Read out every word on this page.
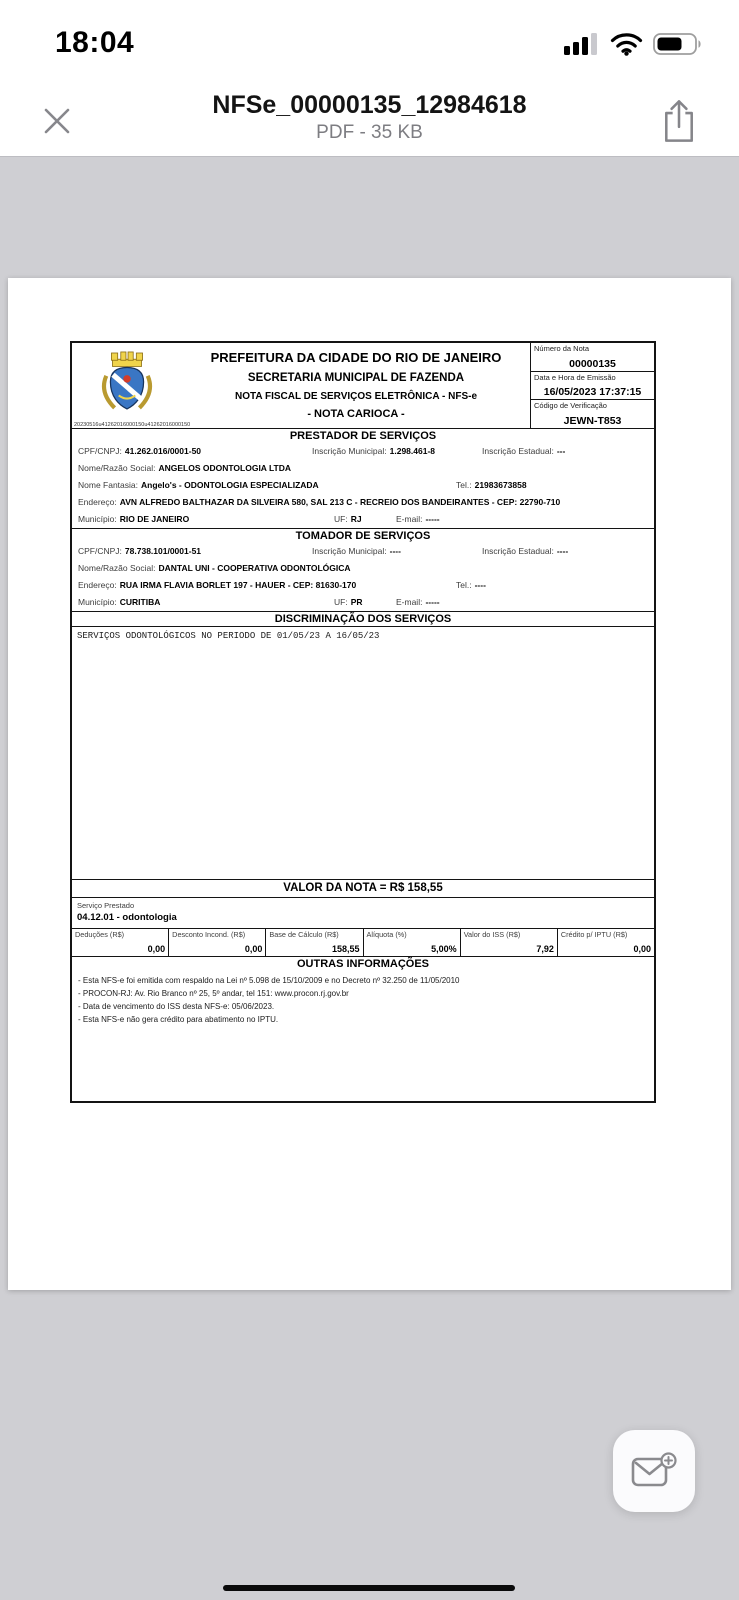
18:04
NFSe_00000135_12984618
PDF - 35 KB
PREFEITURA DA CIDADE DO RIO DE JANEIRO
SECRETARIA MUNICIPAL DE FAZENDA
NOTA FISCAL DE SERVIÇOS ELETRÔNICA - NFS-e
- NOTA CARIOCA -
Número da Nota
00000135
Data e Hora de Emissão
16/05/2023 17:37:15
Código de Verificação
JEWN-T853
20230516u41262016000150u41262016000150
PRESTADOR DE SERVIÇOS
CPF/CNPJ: 41.262.016/0001-50	Inscrição Municipal: 1.298.461-8	Inscrição Estadual: ---
Nome/Razão Social: ANGELOS ODONTOLOGIA LTDA
Nome Fantasia: Angelo's - ODONTOLOGIA ESPECIALIZADA	Tel.: 21983673858
Endereço: AVN ALFREDO BALTHAZAR DA SILVEIRA 580, SAL 213 C - RECREIO DOS BANDEIRANTES - CEP: 22790-710
Município: RIO DE JANEIRO	UF: RJ	E-mail: -----
TOMADOR DE SERVIÇOS
CPF/CNPJ: 78.738.101/0001-51	Inscrição Municipal: ----	Inscrição Estadual: ----
Nome/Razão Social: DANTAL UNI - COOPERATIVA ODONTOLÓGICA
Endereço: RUA IRMA FLAVIA BORLET 197 - HAUER - CEP: 81630-170	Tel.: ----
Município: CURITIBA	UF: PR	E-mail: -----
DISCRIMINAÇÃO DOS SERVIÇOS
SERVIÇOS ODONTOLÓGICOS NO PERIODO DE 01/05/23 A 16/05/23
VALOR DA NOTA = R$ 158,55
Serviço Prestado
04.12.01 - odontologia
Deduções (R$)
0,00
Desconto Incond. (R$)
0,00
Base de Cálculo (R$)
158,55
Alíquota (%)
5,00%
Valor do ISS (R$)
7,92
Crédito p/ IPTU (R$)
0,00
OUTRAS INFORMAÇÕES
- Esta NFS-e foi emitida com respaldo na Lei nº 5.098 de 15/10/2009 e no Decreto nº 32.250 de 11/05/2010
- PROCON-RJ: Av. Rio Branco nº 25, 5º andar, tel 151: www.procon.rj.gov.br
- Data de vencimento do ISS desta NFS-e: 05/06/2023.
- Esta NFS-e não gera crédito para abatimento no IPTU.
